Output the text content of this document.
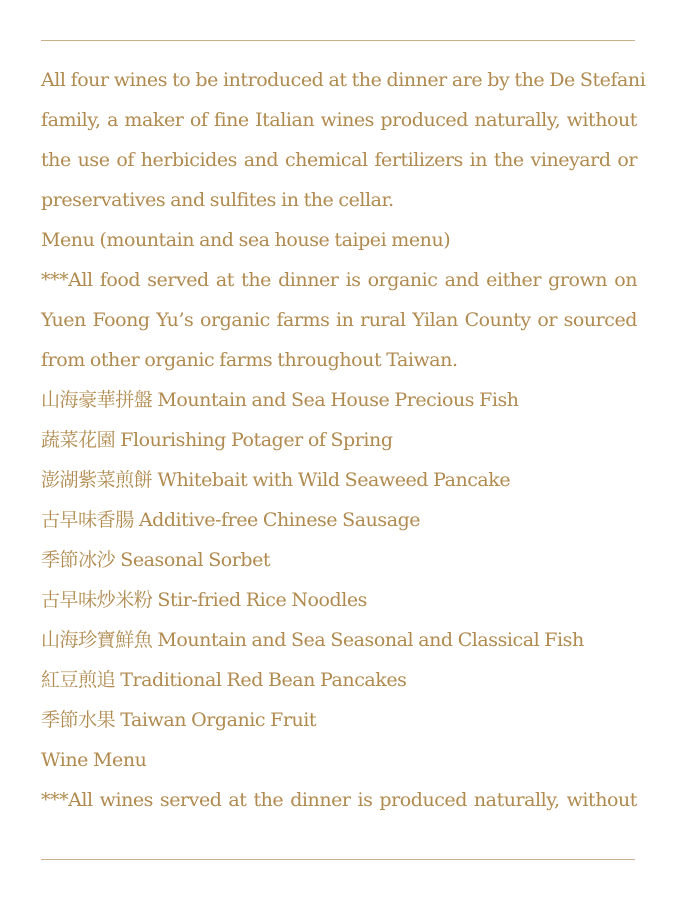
All four wines to be introduced at the dinner are by the De Stefani
family, a maker of fine Italian wines produced naturally, without
the use of herbicides and chemical fertilizers in the vineyard or
preservatives and sulfites in the cellar.
Menu (mountain and sea house taipei menu)
***All food served at the dinner is organic and either grown on
Yuen Foong Yu’s organic farms in rural Yilan County or sourced
from other organic farms throughout Taiwan.
山海豪華拼盤 Mountain and Sea House Precious Fish
蔬菜花園 Flourishing Potager of Spring
澎湖紫菜煎餅 Whitebait with Wild Seaweed Pancake
古早味香腸 Additive-free Chinese Sausage
季節冰沙 Seasonal Sorbet
古早味炒米粉 Stir-fried Rice Noodles
山海珍寶鮮魚 Mountain and Sea Seasonal and Classical Fish
紅豆煎追 Traditional Red Bean Pancakes
季節水果 Taiwan Organic Fruit
Wine Menu
***All wines served at the dinner is produced naturally, without
